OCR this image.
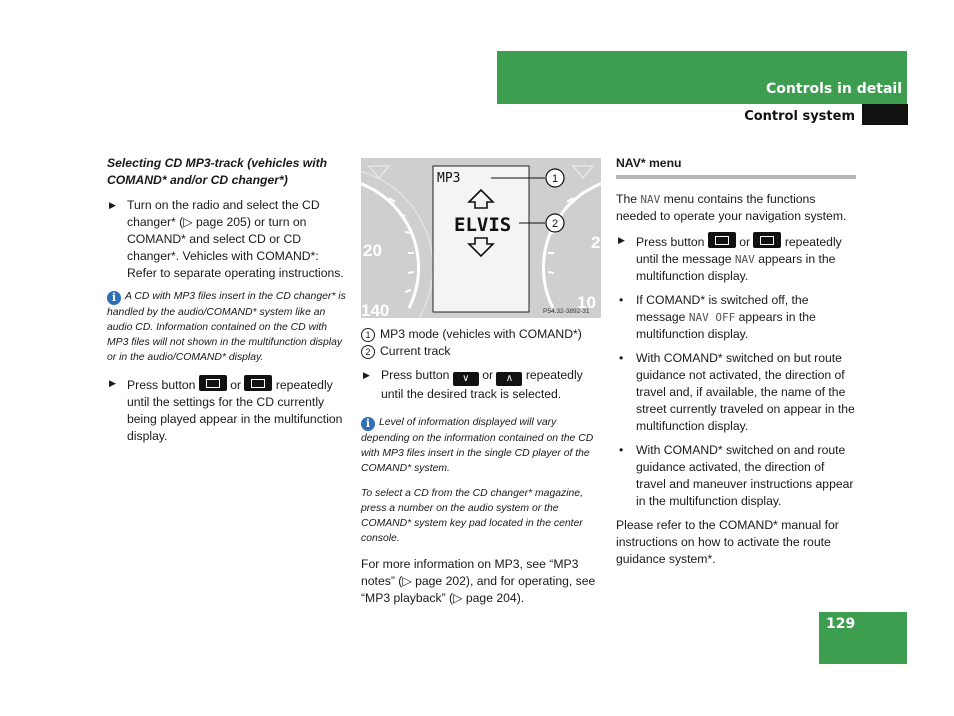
Controls in detail
Control system

Selecting CD MP3-track (vehicles with COMAND* and/or CD changer*)

▶ Turn on the radio and select the CD changer* (▷ page 205) or turn on COMAND* and select CD or CD changer*. Vehicles with COMAND*: Refer to separate operating instructions.
i A CD with MP3 files insert in the CD changer* is handled by the audio/COMAND* system like an audio CD. Information contained on the CD with MP3 files will not shown in the multifunction display or in the audio/COMAND* display.
▶ Press button	or	repeatedly until the settings for the CD currently being played appear in the multifunction display.
MP3
ELVIS
1
2
20
140
2
10
P54.32-3892-31

1 MP3 mode (vehicles with COMAND*)

2 Current track

▶ Press button ∨ or ∧ repeatedly until the desired track is selected.
i Level of information displayed will vary depending on the information contained on the CD with MP3 files insert in the single CD player of the COMAND* system.
To select a CD from the CD changer* magazine, press a number on the audio system or the COMAND* system key pad located in the center console.

For more information on MP3, see “MP3 notes” (▷ page 202), and for operating, see “MP3 playback” (▷ page 204).

NAV* menu

The NAV menu contains the functions needed to operate your navigation system.

▶ Press button	or	repeatedly until the message NAV appears in the multifunction display.
• If COMAND* is switched off, the message NAV OFF appears in the multifunction display.
• With COMAND* switched on but route guidance not activated, the direction of travel and, if available, the name of the street currently traveled on appear in the multifunction display.
• With COMAND* switched on and route guidance activated, the direction of travel and maneuver instructions appear in the multifunction display.

Please refer to the COMAND* manual for instructions on how to activate the route guidance system*.

129
